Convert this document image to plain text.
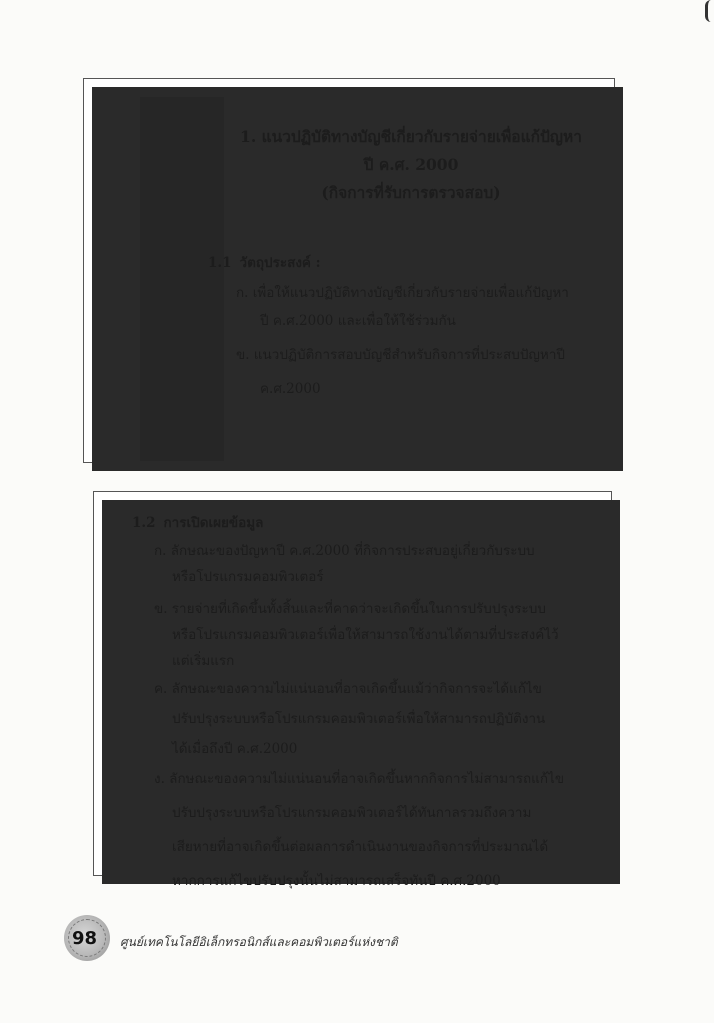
1. แนวปฏิบัติทางบัญชีเกี่ยวกับรายจ่ายเพื่อแก้ปัญหา
ปี ค.ศ. 2000
(กิจการที่รับการตรวจสอบ)
1.1 วัตถุประสงค์ :
ก. เพื่อให้แนวปฏิบัติทางบัญชีเกี่ยวกับรายจ่ายเพื่อแก้ปัญหา
ปี ค.ศ.2000 และเพื่อให้ใช้ร่วมกัน
ข. แนวปฏิบัติการสอบบัญชีสำหรับกิจการที่ประสบปัญหาปี
ค.ศ.2000
1.2 การเปิดเผยข้อมูล
ก. ลักษณะของปัญหาปี ค.ศ.2000 ที่กิจการประสบอยู่เกี่ยวกับระบบ
หรือโปรแกรมคอมพิวเตอร์
ข. รายจ่ายที่เกิดขึ้นทั้งสิ้นและที่คาดว่าจะเกิดขึ้นในการปรับปรุงระบบ
หรือโปรแกรมคอมพิวเตอร์เพื่อให้สามารถใช้งานได้ตามที่ประสงค์ไว้
แต่เริ่มแรก
ค. ลักษณะของความไม่แน่นอนที่อาจเกิดขึ้นแม้ว่ากิจการจะได้แก้ไข
ปรับปรุงระบบหรือโปรแกรมคอมพิวเตอร์เพื่อให้สามารถปฏิบัติงาน
ได้เมื่อถึงปี ค.ศ.2000
ง. ลักษณะของความไม่แน่นอนที่อาจเกิดขึ้นหากกิจการไม่สามารถแก้ไข
ปรับปรุงระบบหรือโปรแกรมคอมพิวเตอร์ได้ทันกาลรวมถึงความ
เสียหายที่อาจเกิดขึ้นต่อผลการดำเนินงานของกิจการที่ประมาณได้
หากการแก้ไขปรับปรุงนั้นไม่สามารถเสร็จทันปี ค.ศ.2000
98 ศูนย์เทคโนโลยีอิเล็กทรอนิกส์และคอมพิวเตอร์แห่งชาติ
